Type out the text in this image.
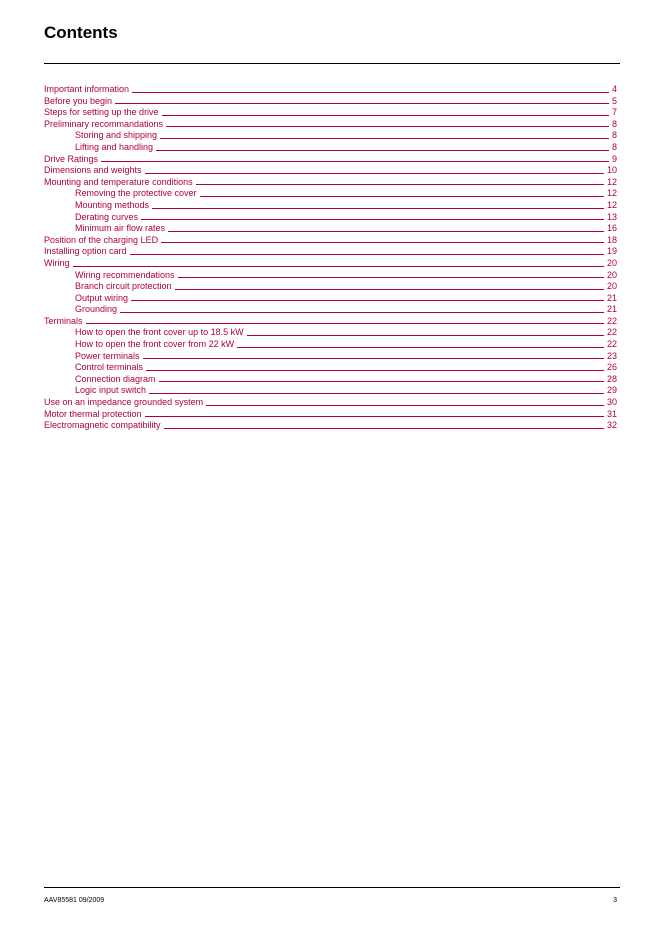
Contents
Important information	4
Before you begin	5
Steps for setting up the drive	7
Preliminary recommandations	8
Storing and shipping	8
Lifting and handling	8
Drive Ratings	9
Dimensions and weights	10
Mounting and temperature conditions	12
Removing the protective cover	12
Mounting methods	12
Derating curves	13
Minimum air flow rates	16
Position of the charging LED	18
Installing option card	19
Wiring	20
Wiring recommendations	20
Branch circuit protection	20
Output wiring	21
Grounding	21
Terminals	22
How to open the front cover up to 18.5 kW	22
How to open the front cover from 22 kW	22
Power terminals	23
Control terminals	26
Connection diagram	28
Logic input switch	29
Use on an impedance grounded system	30
Motor thermal protection	31
Electromagnetic compatibility	32
AAV85581 09/2009	3
